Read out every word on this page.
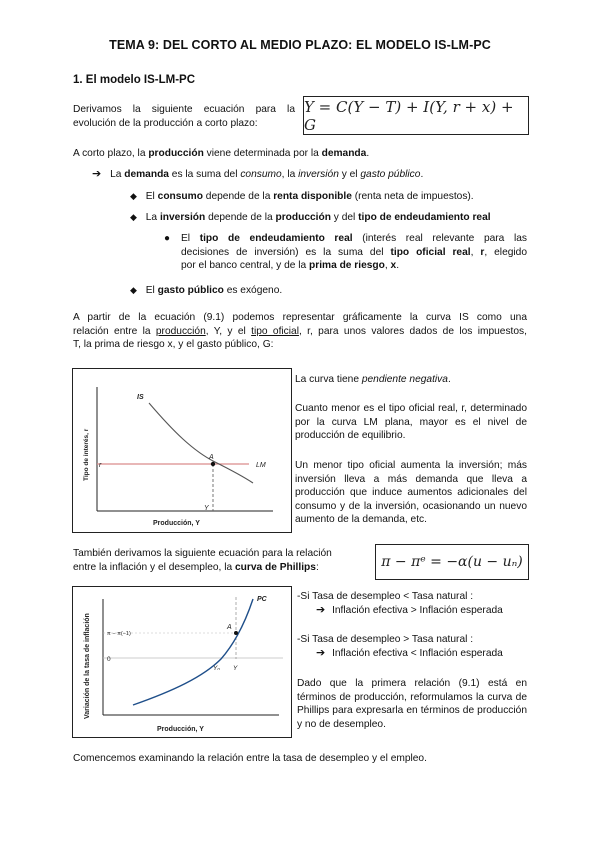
TEMA 9: DEL CORTO AL MEDIO PLAZO: EL MODELO IS-LM-PC
1. El modelo IS-LM-PC
Derivamos la siguiente ecuación para la
evolución de la producción a corto plazo:
Y = C(Y − T) + I(Y, r + x) + G
A corto plazo, la producción viene determinada por la demanda.
➔ La demanda es la suma del consumo, la inversión y el gasto público.
◆ El consumo depende de la renta disponible (renta neta de impuestos).
◆ La inversión depende de la producción y del tipo de endeudamiento real
● El tipo de endeudamiento real (interés real relevante para las
decisiones de inversión) es la suma del tipo oficial real, r, elegido
por el banco central, y de la prima de riesgo, x.
◆ El gasto público es exógeno.
A partir de la ecuación (9.1) podemos representar gráficamente la curva IS como una
relación entre la producción, Y, y el tipo oficial, r, para unos valores dados de los impuestos,
T, la prima de riesgo x, y el gasto público, G:
IS
LM
r
A
Y
Producción, Y
Tipo de interés, r
La curva tiene pendiente negativa.
Cuanto menor es el tipo oficial real, r, determinado por la curva LM plana, mayor es el nivel de producción de equilibrio.
Un menor tipo oficial aumenta la inversión; más inversión lleva a más demanda que lleva a producción que induce aumentos adicionales del consumo y de la inversión, ocasionando un nuevo aumento de la demanda, etc.
También derivamos la siguiente ecuación para la relación
entre la inflación y el desempleo, la curva de Phillips:	π − πᵉ = −α(u − uₙ)
PC
A
π − π(−1)
0
Yₙ Y
Producción, Y
Variación de la tasa de inflación
-Si Tasa de desempleo < Tasa natural :
➔ Inflación efectiva > Inflación esperada
-Si Tasa de desempleo > Tasa natural :
➔ Inflación efectiva < Inflación esperada
Dado que la primera relación (9.1) está en términos de producción, reformulamos la curva de Phillips para expresarla en términos de producción y no de desempleo.
Comencemos examinando la relación entre la tasa de desempleo y el empleo.
